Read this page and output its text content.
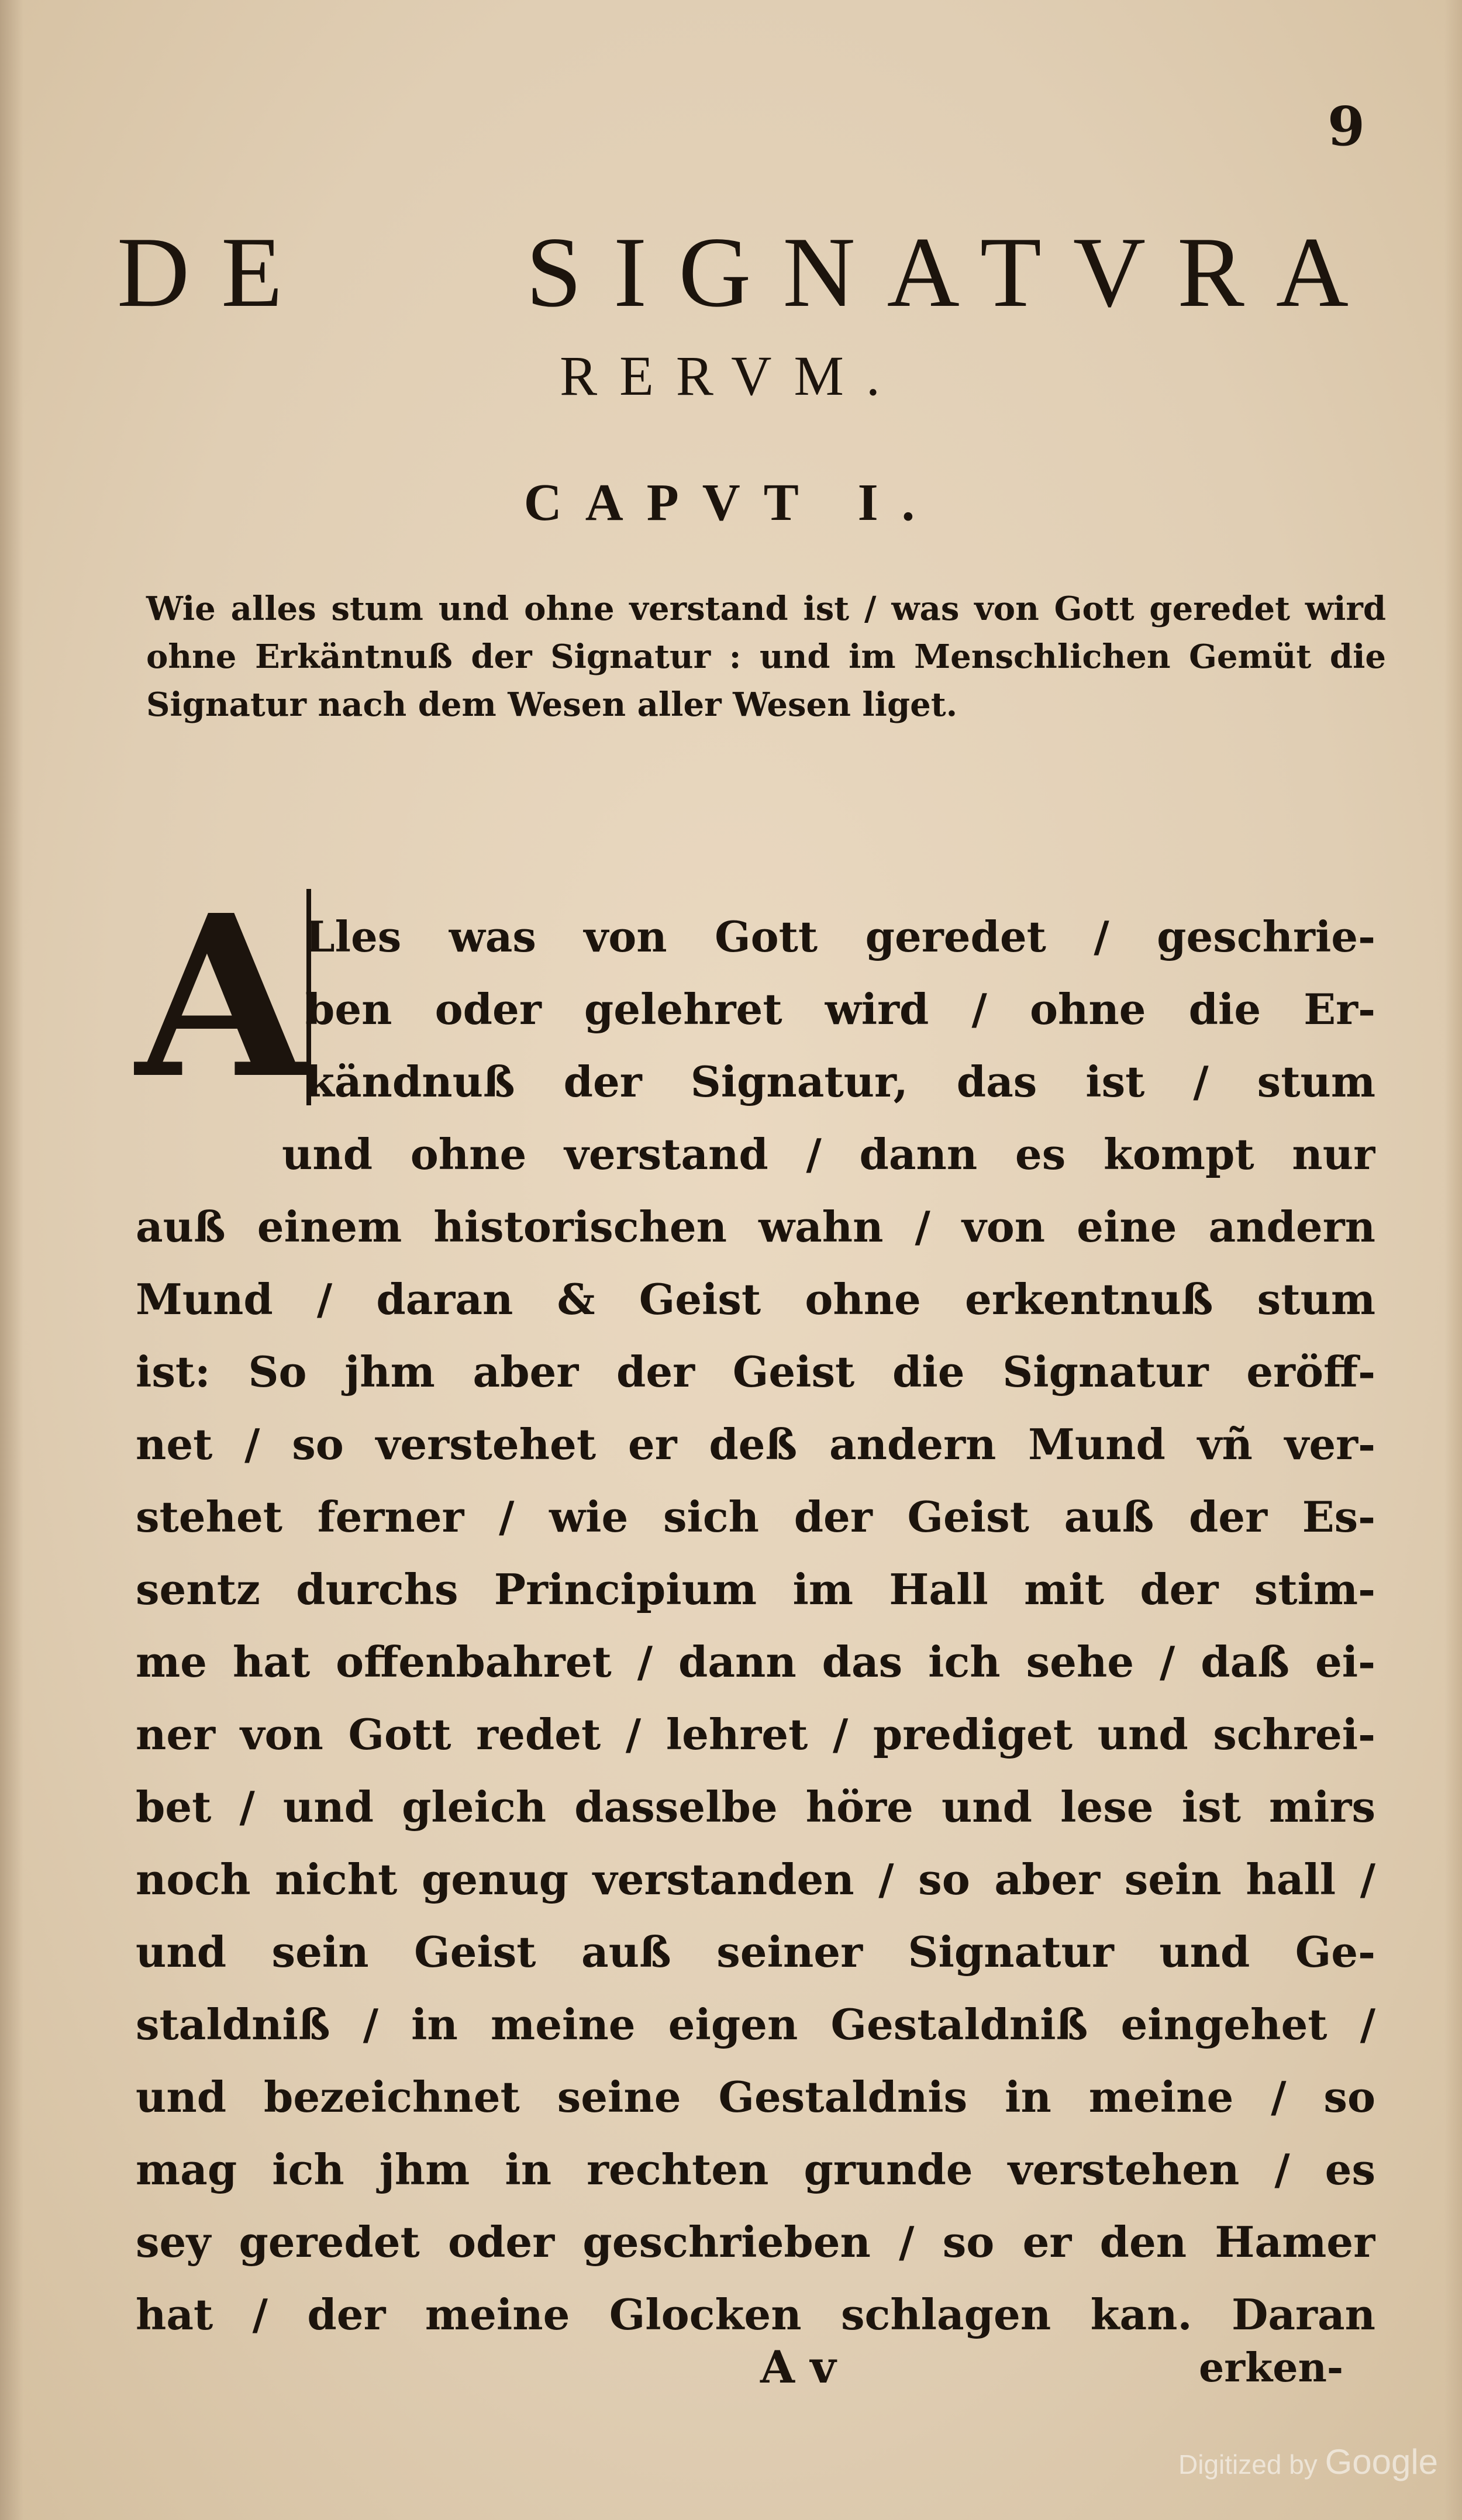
9
DE SIGNATVRA
RERVM.
CAPVT I.
Wie alles stum und ohne verstand ist / was von Gott geredet wird ohne Erkäntnuß der Signatur : und im Menschlichen Gemüt die Signatur nach dem Wesen aller Wesen liget.
A
Lles was von Gott geredet / geschrie-
ben oder gelehret wird / ohne die Er-
kändnuß der Signatur, das ist / stum
und ohne verstand / dann es kompt nur
auß einem historischen wahn / von eine andern
Mund / daran & Geist ohne erkentnuß stum
ist: So jhm aber der Geist die Signatur eröff-
net / so verstehet er deß andern Mund vñ ver-
stehet ferner / wie sich der Geist auß der Es-
sentz durchs Principium im Hall mit der stim-
me hat offenbahret / dann das ich sehe / daß ei-
ner von Gott redet / lehret / prediget und schrei-
bet / und gleich dasselbe höre und lese ist mirs
noch nicht genug verstanden / so aber sein hall /
und sein Geist auß seiner Signatur und Ge-
staldniß / in meine eigen Gestaldniß eingehet /
und bezeichnet seine Gestaldnis in meine / so
mag ich jhm in rechten grunde verstehen / es
sey geredet oder geschrieben / so er den Hamer
hat / der meine Glocken schlagen kan. Daran
A v	erken-
Digitized by Google
